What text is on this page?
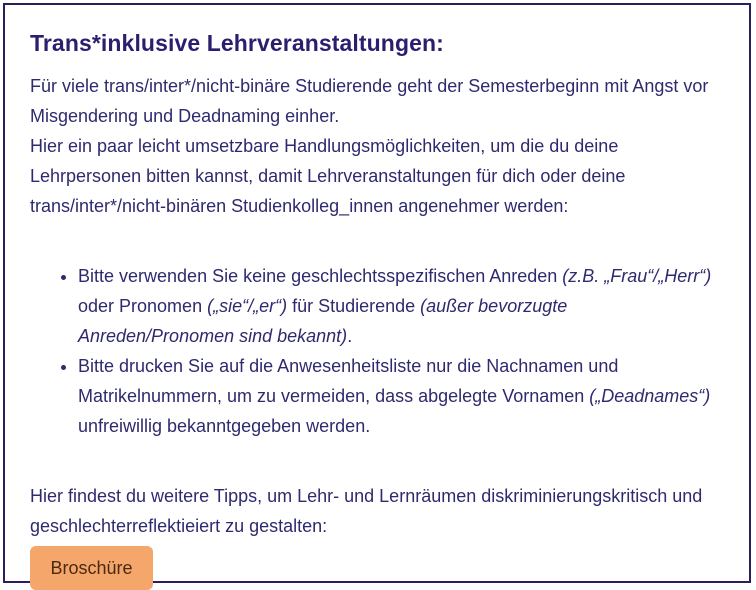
Trans*inklusive Lehrveranstaltungen:

Für viele trans/inter*/nicht-binäre Studierende geht der Semesterbeginn mit Angst vor Misgendering und Deadnaming einher.

Hier ein paar leicht umsetzbare Handlungsmöglichkeiten, um die du deine Lehrpersonen bitten kannst, damit Lehrveranstaltungen für dich oder deine trans/inter*/nicht-binären Studienkolleg_innen angenehmer werden:

• Bitte verwenden Sie keine geschlechtsspezifischen Anreden (z.B. „Frau“/„Herr“) oder Pronomen („sie“/„er“) für Studierende (außer bevorzugte Anreden/Pronomen sind bekannt).
• Bitte drucken Sie auf die Anwesenheitsliste nur die Nachnamen und Matrikelnummern, um zu vermeiden, dass abgelegte Vornamen („Deadnames“) unfreiwillig bekanntgegeben werden.

Hier findest du weitere Tipps, um Lehr- und Lernräumen diskriminierungskritisch und geschlechterreflektieiert zu gestalten:

Broschüre
